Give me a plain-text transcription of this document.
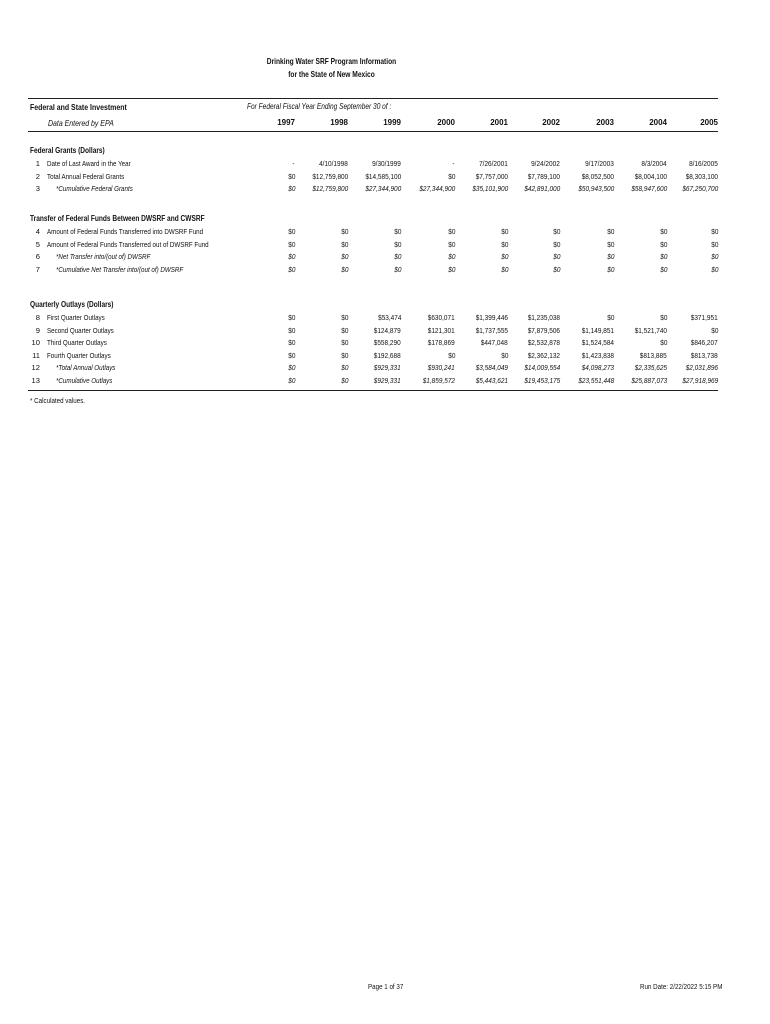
Drinking Water SRF Program Information
for the State of New Mexico
Federal and State Investment
Data Entered by EPA
For Federal Fiscal Year Ending September 30 of :
1997	1998	1999	2000	2001	2002	2003	2004	2005
Federal Grants (Dollars)
1 Date of Last Award in the Year	-	4/10/1998	9/30/1999	-	7/26/2001	9/24/2002	9/17/2003	8/3/2004	8/16/2005
2 Total Annual Federal Grants	$0	$12,759,800	$14,585,100	$0	$7,757,000	$7,789,100	$8,052,500	$8,004,100	$8,303,100
3 *Cumulative Federal Grants	$0	$12,759,800	$27,344,900	$27,344,900	$35,101,900	$42,891,000	$50,943,500	$58,947,600	$67,250,700
Transfer of Federal Funds Between DWSRF and CWSRF
4 Amount of Federal Funds Transferred into DWSRF Fund	$0	$0	$0	$0	$0	$0	$0	$0	$0
5 Amount of Federal Funds Transferred out of DWSRF Fund	$0	$0	$0	$0	$0	$0	$0	$0	$0
6 *Net Transfer into/(out of) DWSRF	$0	$0	$0	$0	$0	$0	$0	$0	$0
7 *Cumulative Net Transfer into/(out of) DWSRF	$0	$0	$0	$0	$0	$0	$0	$0	$0
Quarterly Outlays (Dollars)
8 First Quarter Outlays	$0	$0	$53,474	$630,071	$1,399,446	$1,235,038	$0	$0	$371,951
9 Second Quarter Outlays	$0	$0	$124,879	$121,301	$1,737,555	$7,879,506	$1,149,851	$1,521,740	$0
10 Third Quarter Outlays	$0	$0	$558,290	$178,869	$447,048	$2,532,878	$1,524,584	$0	$846,207
11 Fourth Quarter Outlays	$0	$0	$192,688	$0	$0	$2,362,132	$1,423,838	$813,885	$813,738
12 *Total Annual Outlays	$0	$0	$929,331	$930,241	$3,584,049	$14,009,554	$4,098,273	$2,335,625	$2,031,896
13 *Cumulative Outlays	$0	$0	$929,331	$1,859,572	$5,443,621	$19,453,175	$23,551,448	$25,887,073	$27,918,969
* Calculated values.
Page 1 of 37	Run Date: 2/22/2022 5:15 PM
